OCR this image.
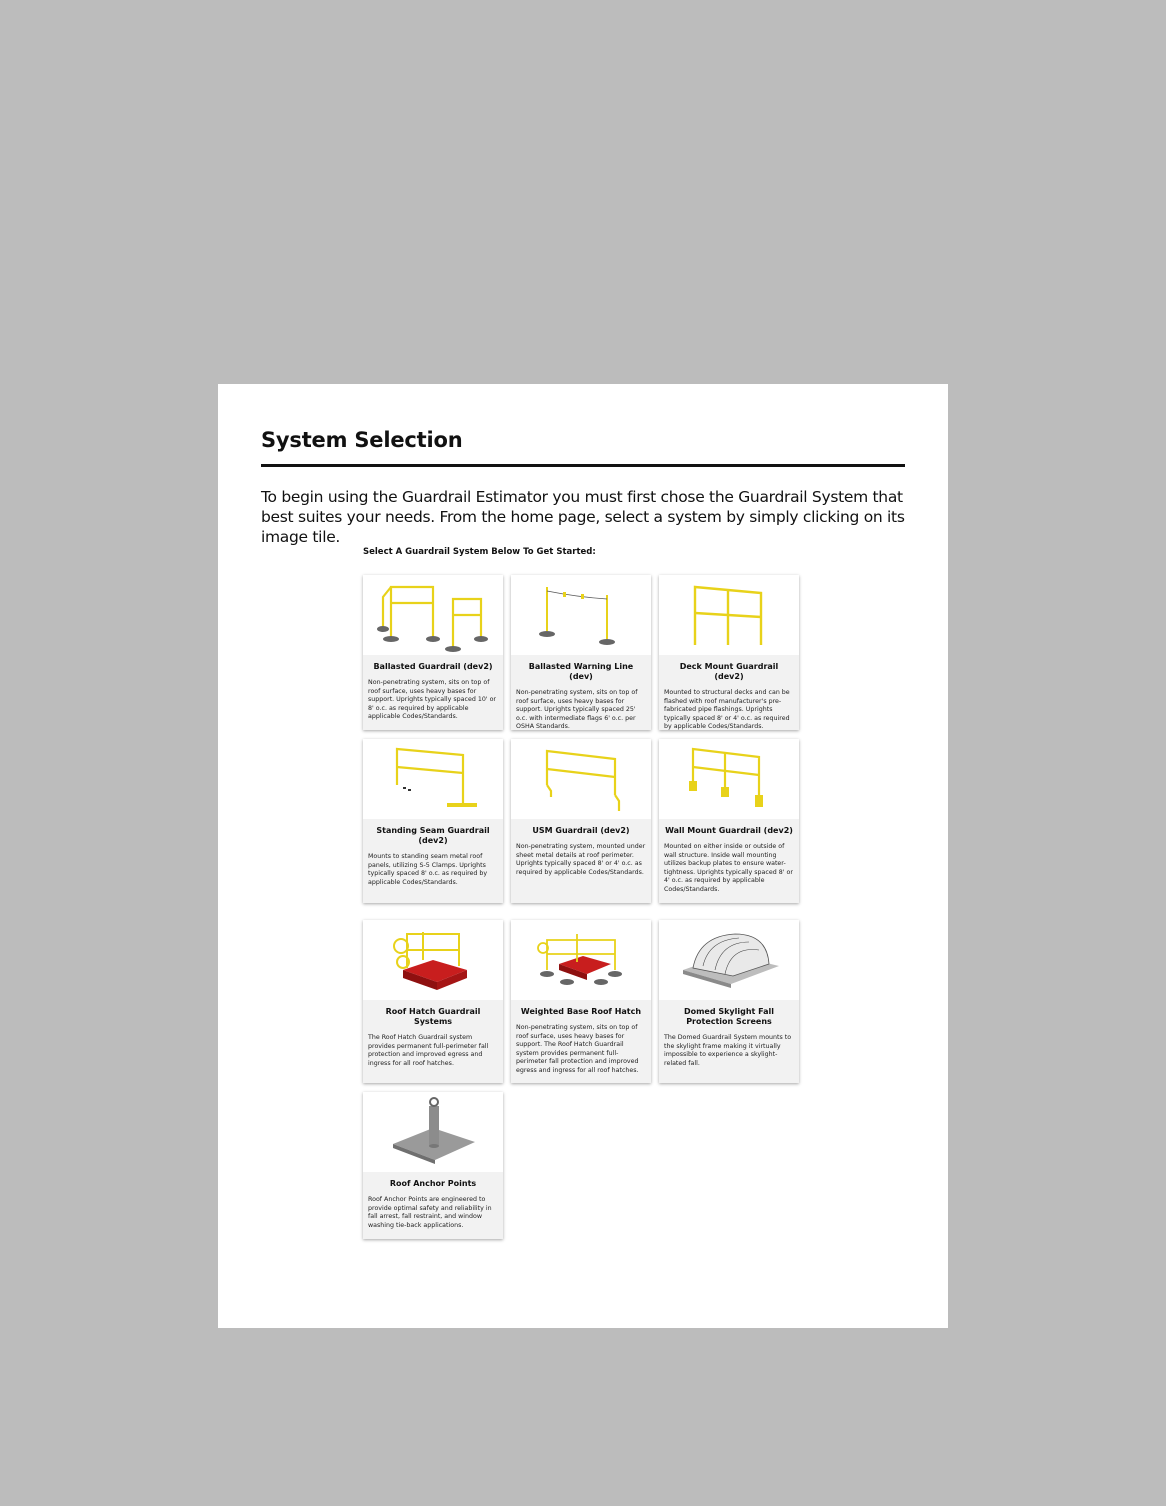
System Selection
To begin using the Guardrail Estimator you must first chose the Guardrail System that best suites your needs. From the home page, select a system by simply clicking on its image tile.
Select A Guardrail System Below To Get Started:
Ballasted Guardrail (dev2)
Non-penetrating system, sits on top of roof surface, uses heavy bases for support. Uprights typically spaced 10' or 8' o.c. as required by applicable applicable Codes/Standards.
Ballasted Warning Line (dev)
Non-penetrating system, sits on top of roof surface, uses heavy bases for support. Uprights typically spaced 25' o.c. with intermediate flags 6' o.c. per OSHA Standards.
Deck Mount Guardrail (dev2)
Mounted to structural decks and can be flashed with roof manufacturer's pre-fabricated pipe flashings. Uprights typically spaced 8' or 4' o.c. as required by applicable Codes/Standards.
Standing Seam Guardrail (dev2)
Mounts to standing seam metal roof panels, utilizing S-5 Clamps. Uprights typically spaced 8' o.c. as required by applicable Codes/Standards.
USM Guardrail (dev2)
Non-penetrating system, mounted under sheet metal details at roof perimeter. Uprights typically spaced 8' or 4' o.c. as required by applicable Codes/Standards.
Wall Mount Guardrail (dev2)
Mounted on either inside or outside of wall structure. Inside wall mounting utilizes backup plates to ensure water-tightness. Uprights typically spaced 8' or 4' o.c. as required by applicable Codes/Standards.
Roof Hatch Guardrail Systems
The Roof Hatch Guardrail system provides permanent full-perimeter fall protection and improved egress and ingress for all roof hatches.
Weighted Base Roof Hatch
Non-penetrating system, sits on top of roof surface, uses heavy bases for support. The Roof Hatch Guardrail system provides permanent full-perimeter fall protection and improved egress and ingress for all roof hatches.
Domed Skylight Fall Protection Screens
The Domed Guardrail System mounts to the skylight frame making it virtually impossible to experience a skylight-related fall.
Roof Anchor Points
Roof Anchor Points are engineered to provide optimal safety and reliability in fall arrest, fall restraint, and window washing tie-back applications.
